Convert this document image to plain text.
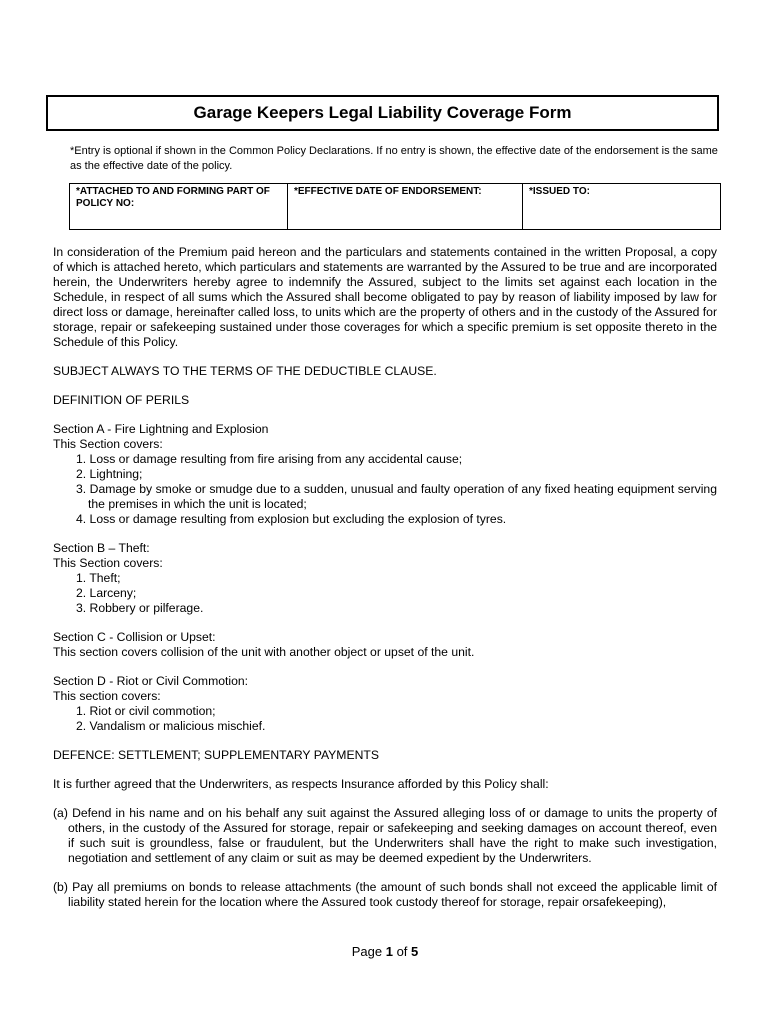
Garage Keepers Legal Liability Coverage Form
*Entry is optional if shown in the Common Policy Declarations. If no entry is shown, the effective date of the endorsement is the same as the effective date of the policy.
*ATTACHED TO AND FORMING PART OF POLICY NO:	*EFFECTIVE DATE OF ENDORSEMENT:	*ISSUED TO:

In consideration of the Premium paid hereon and the particulars and statements contained in the written Proposal, a copy of which is attached hereto, which particulars and statements are warranted by the Assured to be true and are incorporated herein, the Underwriters hereby agree to indemnify the Assured, subject to the limits set against each location in the Schedule, in respect of all sums which the Assured shall become obligated to pay by reason of liability imposed by law for direct loss or damage, hereinafter called loss, to units which are the property of others and in the custody of the Assured for storage, repair or safekeeping sustained under those coverages for which a specific premium is set opposite thereto in the Schedule of this Policy.

SUBJECT ALWAYS TO THE TERMS OF THE DEDUCTIBLE CLAUSE.

DEFINITION OF PERILS

Section A - Fire Lightning and Explosion
This Section covers:
1. Loss or damage resulting from fire arising from any accidental cause;
2. Lightning;
3. Damage by smoke or smudge due to a sudden, unusual and faulty operation of any fixed heating equipment serving the premises in which the unit is located;
4. Loss or damage resulting from explosion but excluding the explosion of tyres.
Section B – Theft:
This Section covers:
1. Theft;
2. Larceny;
3. Robbery or pilferage.
Section C - Collision or Upset:
This section covers collision of the unit with another object or upset of the unit.
Section D - Riot or Civil Commotion:
This section covers:
1. Riot or civil commotion;
2. Vandalism or malicious mischief.

DEFENCE: SETTLEMENT; SUPPLEMENTARY PAYMENTS

It is further agreed that the Underwriters, as respects Insurance afforded by this Policy shall:

(a) Defend in his name and on his behalf any suit against the Assured alleging loss of or damage to units the property of others, in the custody of the Assured for storage, repair or safekeeping and seeking damages on account thereof, even if such suit is groundless, false or fraudulent, but the Underwriters shall have the right to make such investigation, negotiation and settlement of any claim or suit as may be deemed expedient by the Underwriters.

(b) Pay all premiums on bonds to release attachments (the amount of such bonds shall not exceed the applicable limit of liability stated herein for the location where the Assured took custody thereof for storage, repair orsafekeeping),

Page 1 of 5
